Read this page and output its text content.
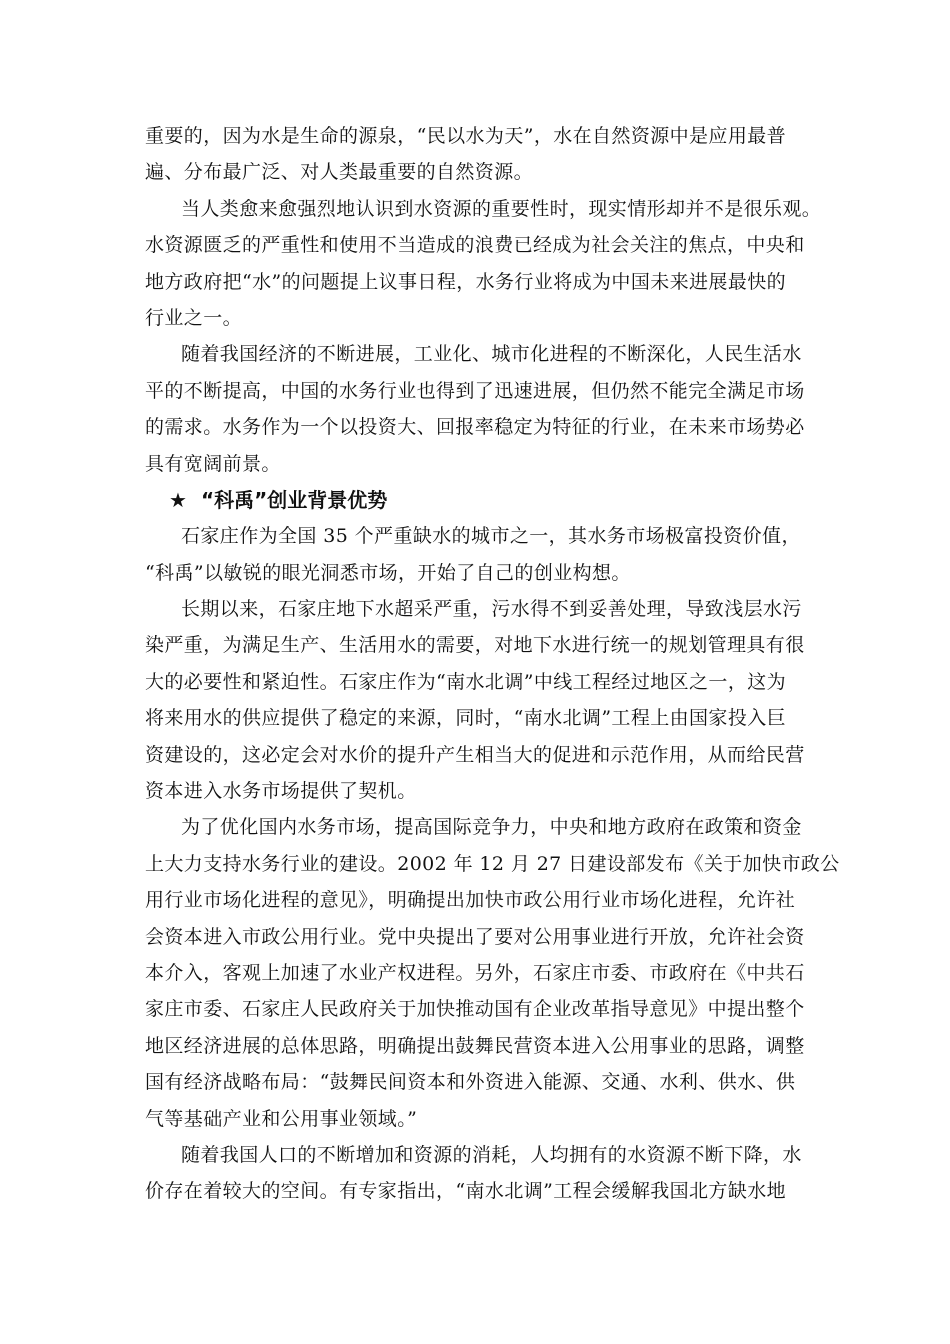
重要的，因为水是生命的源泉，“民以水为天”，水在自然资源中是应用最普
遍、分布最广泛、对人类最重要的自然资源。
当人类愈来愈强烈地认识到水资源的重要性时，现实情形却并不是很乐观。
水资源匮乏的严重性和使用不当造成的浪费已经成为社会关注的焦点，中央和
地方政府把“水”的问题提上议事日程，水务行业将成为中国未来进展最快的
行业之一。
随着我国经济的不断进展，工业化、城市化进程的不断深化，人民生活水
平的不断提高，中国的水务行业也得到了迅速进展，但仍然不能完全满足市场
的需求。水务作为一个以投资大、回报率稳定为特征的行业，在未来市场势必
具有宽阔前景。
★ “科禹”创业背景优势
石家庄作为全国 35 个严重缺水的城市之一，其水务市场极富投资价值，
“科禹”以敏锐的眼光洞悉市场，开始了自己的创业构想。
长期以来，石家庄地下水超采严重，污水得不到妥善处理，导致浅层水污
染严重，为满足生产、生活用水的需要，对地下水进行统一的规划管理具有很
大的必要性和紧迫性。石家庄作为“南水北调”中线工程经过地区之一，这为
将来用水的供应提供了稳定的来源，同时，“南水北调”工程上由国家投入巨
资建设的，这必定会对水价的提升产生相当大的促进和示范作用，从而给民营
资本进入水务市场提供了契机。
为了优化国内水务市场，提高国际竞争力，中央和地方政府在政策和资金
上大力支持水务行业的建设。2002 年 12 月 27 日建设部发布《关于加快市政公
用行业市场化进程的意见》，明确提出加快市政公用行业市场化进程，允许社
会资本进入市政公用行业。党中央提出了要对公用事业进行开放，允许社会资
本介入，客观上加速了水业产权进程。另外，石家庄市委、市政府在《中共石
家庄市委、石家庄人民政府关于加快推动国有企业改革指导意见》中提出整个
地区经济进展的总体思路，明确提出鼓舞民营资本进入公用事业的思路，调整
国有经济战略布局：“鼓舞民间资本和外资进入能源、交通、水利、供水、供
气等基础产业和公用事业领域。”
随着我国人口的不断增加和资源的消耗，人均拥有的水资源不断下降，水
价存在着较大的空间。有专家指出，“南水北调”工程会缓解我国北方缺水地
